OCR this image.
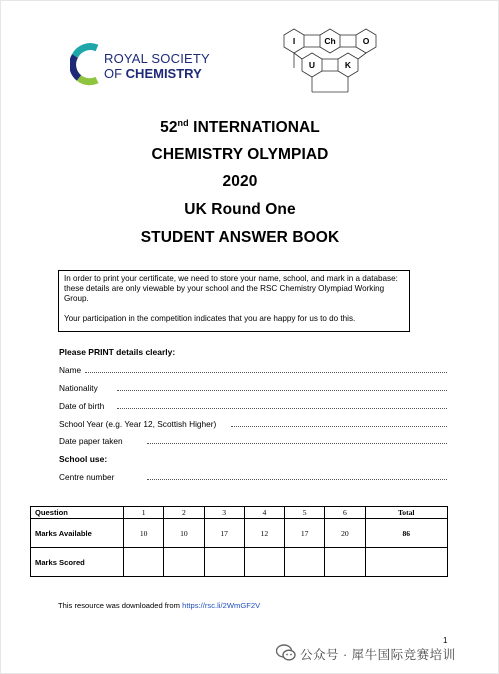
ROYAL SOCIETY
OF CHEMISTRY
I	Ch	O
U	K
52nd INTERNATIONAL
CHEMISTRY OLYMPIAD
2020
UK Round One
STUDENT ANSWER BOOK

In order to print your certificate, we need to store your name, school, and mark in a database: these details are only viewable by your school and the RSC Chemistry Olympiad Working Group.

Your participation in the competition indicates that you are happy for us to do this.

Please PRINT details clearly:
Name
Nationality
Date of birth
School Year (e.g. Year 12, Scottish Higher)
Date paper taken
School use:
Centre number
Question	1	2	3	4	5	6	Total
Marks Available	10	10	17	12	17	20	86
Marks Scored							
This resource was downloaded from https://rsc.li/2WmGF2V
1
公众号 · 犀牛国际竞赛培训
